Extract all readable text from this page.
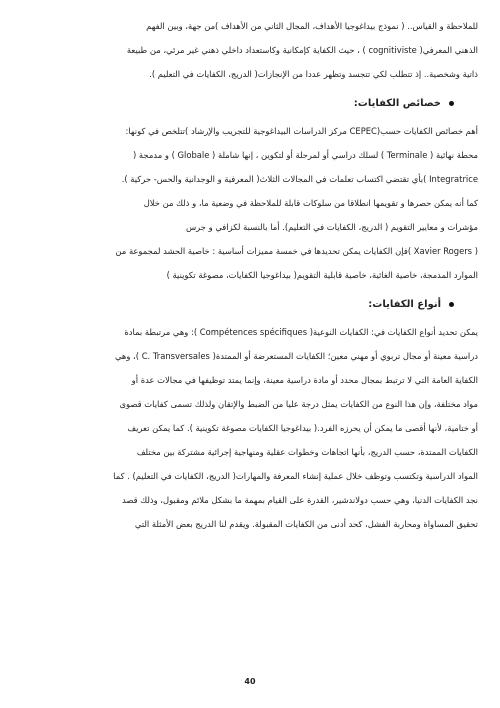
للملاحظة و القياس.. ( نموذج بيداغوجيا الأهداف، المجال الثاني من الأهداف )من جهة، وبين الفهم
الذهني المعرفي( cognitiviste ) ، حيث الكفاية كإمكانية وكاستعداد داخلي ذهني غير مرئي، من طبيعة
ذاتية وشخصية.. إذ تتطلب لكي تتجسد وتظهر عددا من الإنجازات( الدريج، الكفايات في التعليم ).

خصائص الكفايات:

أهم خصائص الكفايات حسب(CEPEC مركز الدراسات البيداغوجية للتجريب والإرشاد )تتلخص في كونها:
محطة نهائية ( Terminale ) لسلك دراسي أو لمرحلة أو لتكوين ، إنها شاملة ( Globale ) و مدمجة (
Integratrice )بأي تقتضي اكتساب تعلمات في المجالات الثلاث( المعرفية و الوجدانية والحس- حركية ).
كما أنه يمكن حصرها و تقويمها انطلاقا من سلوكات قابلة للملاحظة في وضعية ما، و ذلك من خلال
مؤشرات و معايير التقويم ( الدريج، الكفايات في التعليم). أما بالنسبة لكزافي و جرس
( Xavier Rogers )فإن الكفايات يمكن تحديدها في خمسة مميزات أساسية : خاصية الحشد لمجموعة من
الموارد المدمجة، خاصية الغائية، خاصية قابلية التقويم( بيداغوجيا الكفايات، مصوغة تكوينية )

أنواع الكفايات:

يمكن تحديد أنواع الكفايات في: الكفايات النوعية( Compétences spécifiques ): وهي مرتبطة بمادة
دراسية معينة أو مجال تربوي أو مهني معين؛ الكفايات المستعرضة أو الممتدة( C. Transversales )، وهي
الكفاية العامة التي لا ترتبط بمجال محدد أو مادة دراسية معينة، وإنما يمتد توظيفها في مجالات عدة أو
مواد مختلفة، وإن هذا النوع من الكفايات يمثل درجة عليا من الضبط والإتقان ولذلك تسمى كفايات قصوى
أو ختامية، لأنها أقصى ما يمكن أن يحرزه الفرد.( بيداغوجيا الكفايات مصوغة تكوينية ). كما يمكن تعريف
الكفايات الممتدة، حسب الدريج، بأنها اتجاهات وخطوات عقلية ومنهاجية إجرائية مشتركة بين مختلف
المواد الدراسية وتكتسب وتوظف خلال عملية إنشاء المعرفة والمهارات( الدريج، الكفايات في التعليم) . كما
نجد الكفايات الدنيا، وهي حسب دولاندشير، القدرة على القيام بمهمة ما بشكل ملائم ومقبول، وذلك قصد
تحقيق المساواة ومحاربة الفشل، كحد أدنى من الكفايات المقبولة. ويقدم لنا الدريج بعض الأمثلة التي

40
